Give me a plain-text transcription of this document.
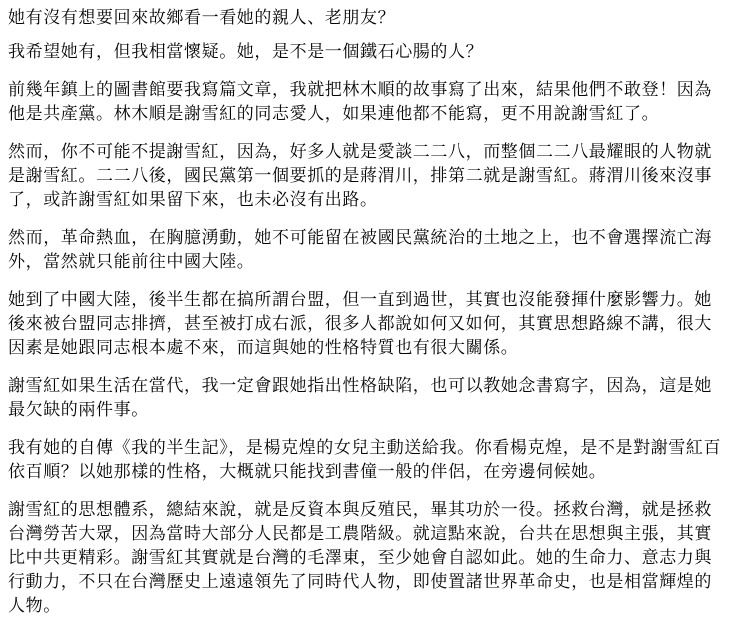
她有沒有想要回來故鄉看一看她的親人、老朋友？

我希望她有，但我相當懷疑。她，是不是一個鐵石心腸的人？

前幾年鎮上的圖書館要我寫篇文章，我就把林木順的故事寫了出來，結果他們不敢登！因為他是共產黨。林木順是謝雪紅的同志愛人，如果連他都不能寫，更不用說謝雪紅了。

然而，你不可能不提謝雪紅，因為，好多人就是愛談二二八，而整個二二八最耀眼的人物就是謝雪紅。二二八後，國民黨第一個要抓的是蔣渭川，排第二就是謝雪紅。蔣渭川後來沒事了，或許謝雪紅如果留下來，也未必沒有出路。

然而，革命熱血，在胸臆湧動，她不可能留在被國民黨統治的土地之上，也不會選擇流亡海外，當然就只能前往中國大陸。

她到了中國大陸，後半生都在搞所謂台盟，但一直到過世，其實也沒能發揮什麼影響力。她後來被台盟同志排擠，甚至被打成右派，很多人都說如何又如何，其實思想路線不講，很大因素是她跟同志根本處不來，而這與她的性格特質也有很大關係。

謝雪紅如果生活在當代，我一定會跟她指出性格缺陷，也可以教她念書寫字，因為，這是她最欠缺的兩件事。

我有她的自傳《我的半生記》，是楊克煌的女兒主動送給我。你看楊克煌，是不是對謝雪紅百依百順？以她那樣的性格，大概就只能找到書僮一般的伴侶，在旁邊伺候她。

謝雪紅的思想體系，總結來說，就是反資本與反殖民，畢其功於一役。拯救台灣，就是拯救台灣勞苦大眾，因為當時大部分人民都是工農階級。就這點來說，台共在思想與主張，其實比中共更精彩。謝雪紅其實就是台灣的毛澤東，至少她會自認如此。她的生命力、意志力與行動力，不只在台灣歷史上遠遠領先了同時代人物，即使置諸世界革命史，也是相當輝煌的人物。
